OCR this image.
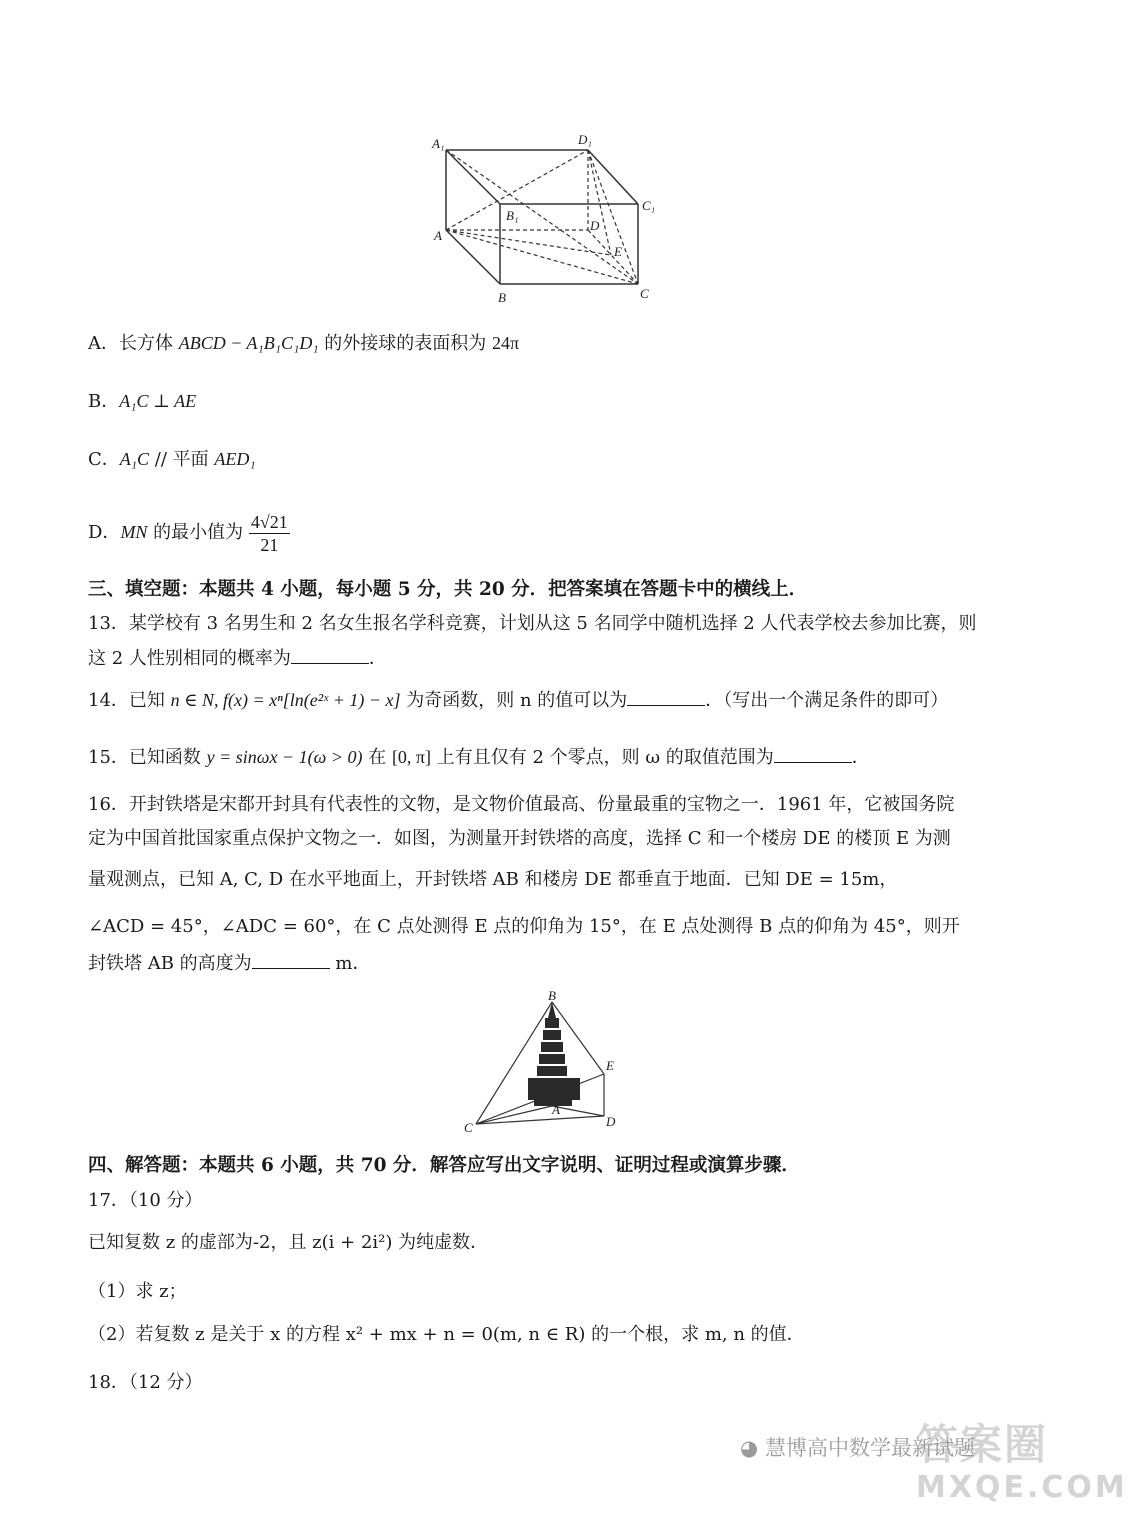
A₁	D₁
C₁
B₁
A
D
E
B	C
A．长方体 ABCD − A₁B₁C₁D₁ 的外接球的表面积为 24π
B．A₁C ⊥ AE
C．A₁C // 平面 AED₁
D．MN 的最小值为 $\frac{4√21}{21}$
三、填空题：本题共 4 小题，每小题 5 分，共 20 分．把答案填在答题卡中的横线上．
13．某学校有 3 名男生和 2 名女生报名学科竞赛，计划从这 5 名同学中随机选择 2 人代表学校去参加比赛，则
这 2 人性别相同的概率为	．
14．已知 n ∈ N, f(x) = xⁿ[ln(e²ˣ + 1) − x] 为奇函数，则 n 的值可以为	．（写出一个满足条件的即可）
15．已知函数 y = sinωx − 1(ω > 0) 在 [0, π] 上有且仅有 2 个零点，则 ω 的取值范围为	．
16．开封铁塔是宋都开封具有代表性的文物，是文物价值最高、份量最重的宝物之一．1961 年，它被国务院
定为中国首批国家重点保护文物之一．如图，为测量开封铁塔的高度，选择 C 和一个楼房 DE 的楼顶 E 为测
量观测点，已知 A, C, D 在水平地面上，开封铁塔 AB 和楼房 DE 都垂直于地面．已知 DE = 15m，
∠ACD = 45°，∠ADC = 60°，在 C 点处测得 E 点的仰角为 15°，在 E 点处测得 B 点的仰角为 45°，则开
封铁塔 AB 的高度为	m．
B
E
A
C	D
四、解答题：本题共 6 小题，共 70 分．解答应写出文字说明、证明过程或演算步骤．
17．（10 分）
已知复数 z 的虚部为-2，且 z(i + 2i²) 为纯虚数．
（1）求 z；
（2）若复数 z 是关于 x 的方程 x² + mx + n = 0(m, n ∈ R) 的一个根，求 m, n 的值．
18．（12 分）
答案圈
MXQE.COM
◕ 慧博高中数学最新试题
